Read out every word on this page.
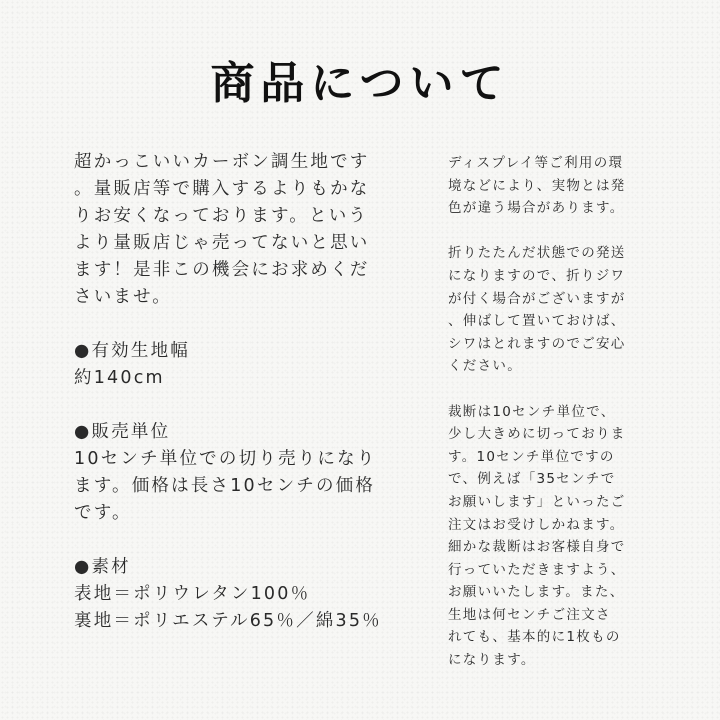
商品について
超かっこいいカーボン調生地です
。量販店等で購入するよりもかな
りお安くなっております。という
より量販店じゃ売ってないと思い
ます！是非この機会にお求めくだ
さいませ。
●有効生地幅
約140cm
●販売単位
10センチ単位での切り売りになり
ます。価格は長さ10センチの価格
です。
●素材
表地＝ポリウレタン100％
裏地＝ポリエステル65％／綿35％
ディスプレイ等ご利用の環
境などにより、実物とは発
色が違う場合があります。
折りたたんだ状態での発送
になりますので、折りジワ
が付く場合がございますが
、伸ばして置いておけば、
シワはとれますのでご安心
ください。
裁断は10センチ単位で、
少し大きめに切っておりま
す。10センチ単位ですの
で、例えば「35センチで
お願いします」といったご
注文はお受けしかねます。
細かな裁断はお客様自身で
行っていただきますよう、
お願いいたします。また、
生地は何センチご注文さ
れても、基本的に1枚もの
になります。
